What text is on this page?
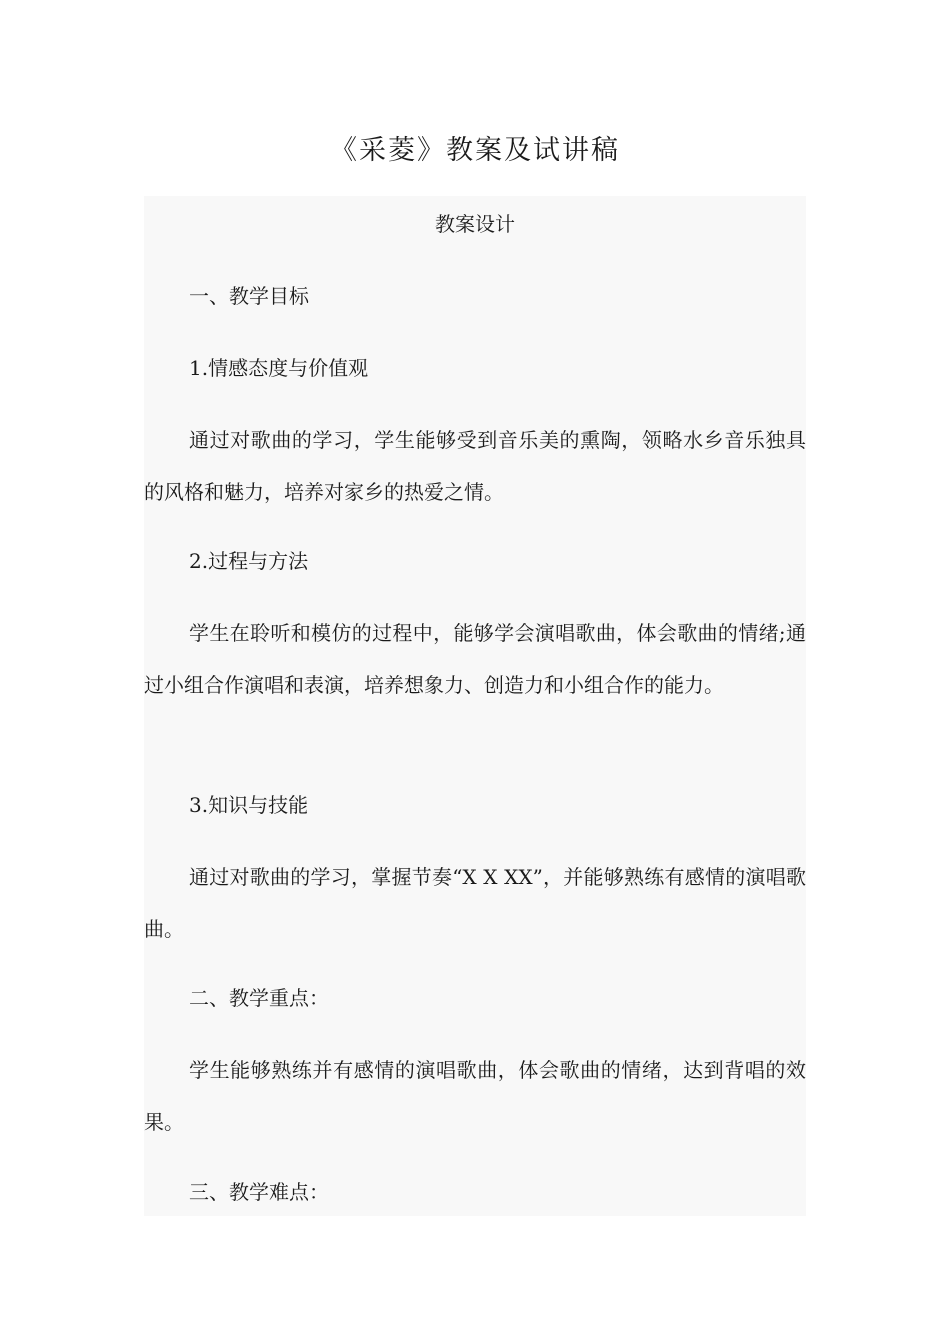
《采菱》教案及试讲稿

教案设计

一、教学目标

1.情感态度与价值观

通过对歌曲的学习，学生能够受到音乐美的熏陶，领略水乡音乐独具的风格和魅力，培养对家乡的热爱之情。

2.过程与方法

学生在聆听和模仿的过程中，能够学会演唱歌曲，体会歌曲的情绪;通过小组合作演唱和表演，培养想象力、创造力和小组合作的能力。

3.知识与技能

通过对歌曲的学习，掌握节奏“X X XX”，并能够熟练有感情的演唱歌曲。

二、教学重点：

学生能够熟练并有感情的演唱歌曲，体会歌曲的情绪，达到背唱的效果。

三、教学难点：
